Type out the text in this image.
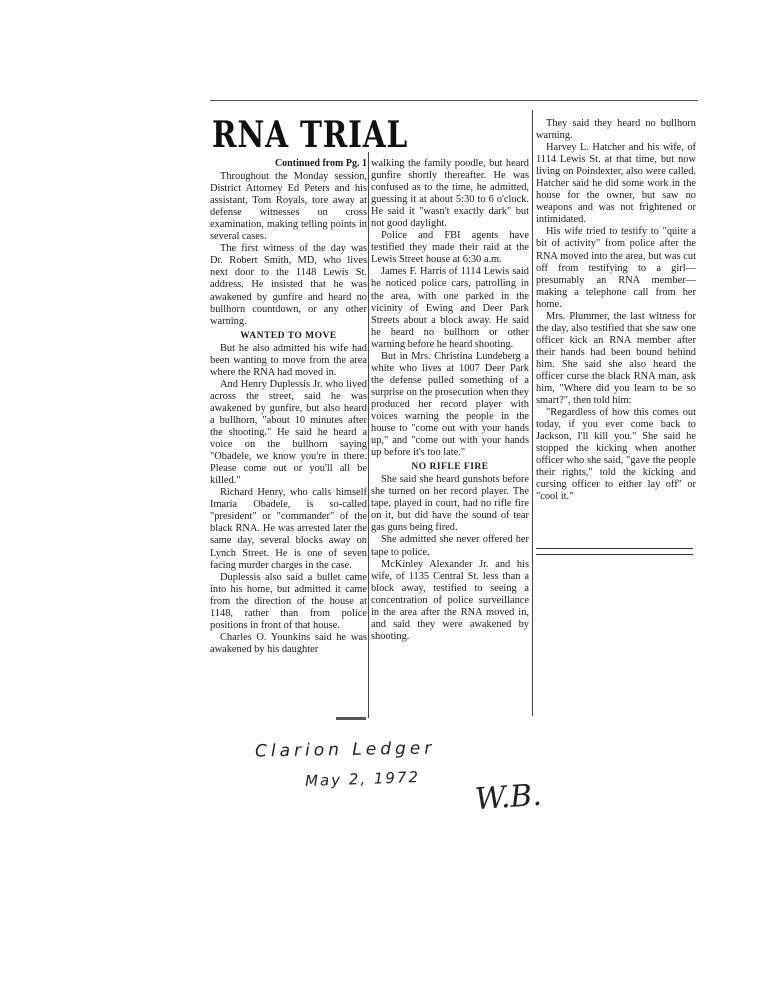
RNA TRIAL
Continued from Pg. 1

Throughout the Monday session, District Attorney Ed Peters and his assistant, Tom Royals, tore away at defense witnesses on cross examination, making telling points in several cases.

The first witness of the day was Dr. Robert Smith, MD, who lives next door to the 1148 Lewis St. address. He insisted that he was awakened by gunfire and heard no bullhorn countdown, or any other warning.

WANTED TO MOVE

But he also admitted his wife had been wanting to move from the area where the RNA had moved in.

And Henry Duplessis Jr. who lived across the street, said he was awakened by gunfire, but also heard a bullhorn, "about 10 minutes after the shooting." He said he heard a voice on the bullhorn saying "Obadele, we know you're in there. Please come out or you'll all be killed."

Richard Henry, who calls himself Imaria Obadele, is so-called "president" or "commander" of the black RNA. He was arrested later the same day, several blocks away on Lynch Street. He is one of seven facing murder charges in the case.

Duplessis also said a bullet came into his home, but admitted it came from the direction of the house at 1148, rather than from police positions in front of that house.

Charles O. Younkins said he was awakened by his daughter

walking the family poodle, but heard gunfire shortly thereafter. He was confused as to the time, he admitted, guessing it at about 5:30 to 6 o'clock. He said it "wasn't exactly dark" but not good daylight.

Police and FBI agents have testified they made their raid at the Lewis Street house at 6:30 a.m.

James F. Harris of 1114 Lewis said he noticed police cars, patrolling in the area, with one parked in the vicinity of Ewing and Deer Park Streets about a block away. He said he heard no bullhorn or other warning before he heard shooting.

But in Mrs. Christina Lundeberg a white who lives at 1007 Deer Park the defense pulled something of a surprise on the prosecution when they produced her record player with voices warning the people in the house to "come out with your hands up," and "come out with your hands up before it's too late."

NO RIFLE FIRE

She said she heard gunshots before she turned on her record player. The tape, played in court, had no rifle fire on it, but did have the sound of tear gas guns being fired.

She admitted she never offered her tape to police.

McKinley Alexander Jr. and his wife, of 1135 Central St. less than a block away, testified to seeing a concentration of police surveillance in the area after the RNA moved in, and said they were awakened by shooting.

They said they heard no bullhorn warning.

Harvey L. Hatcher and his wife, of 1114 Lewis St. at that time, but now living on Poindexter, also were called. Hatcher said he did some work in the house for the owner, but saw no weapons and was not frightened or intimidated.

His wife tried to testify to "quite a bit of activity" from police after the RNA moved into the area, but was cut off from testifying to a girl—presumably an RNA member—making a telephone call from her home.

Mrs. Plummer, the last witness for the day, also testified that she saw one officer kick an RNA member after their hands had been bound behind him. She said she also heard the officer curse the black RNA man, ask him, "Where did you learn to be so smart?", then told him:

"Regardless of how this comes out today, if you ever come back to Jackson, I'll kill you." She said he stopped the kicking when another officer who she said, "gave the people their rights," told the kicking and cursing officer to either lay off" or "cool it."

Clarion Ledger
May 2, 1972 W.B.
